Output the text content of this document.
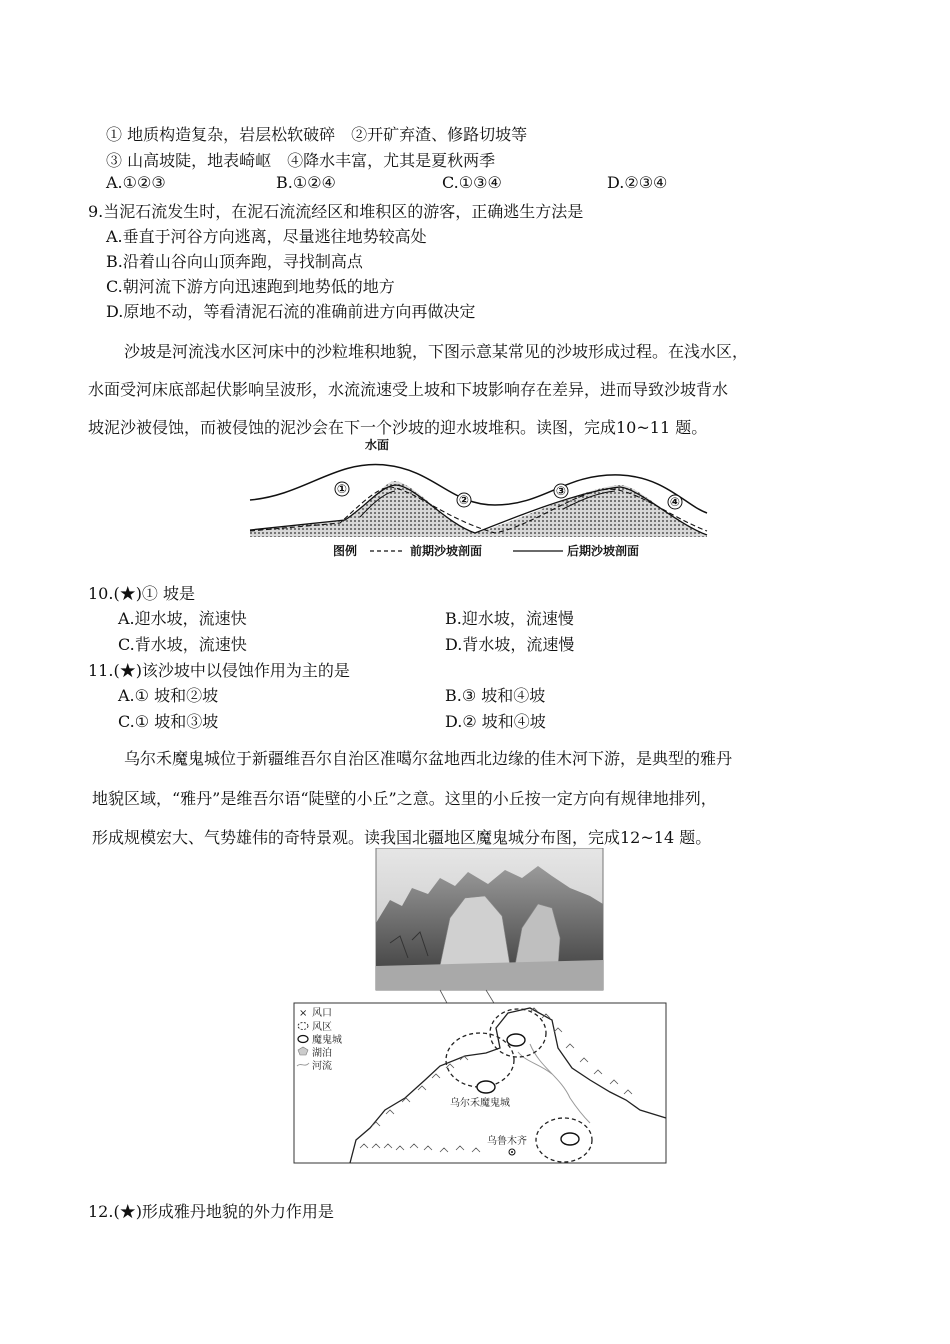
① 地质构造复杂，岩层松软破碎　②开矿弃渣、修路切坡等
③ 山高坡陡，地表崎岖　④降水丰富，尤其是夏秋两季
A.①②③	B.①②④	C.①③④	D.②③④
9.当泥石流发生时，在泥石流流经区和堆积区的游客，正确逃生方法是
A.垂直于河谷方向逃离，尽量逃往地势较高处
B.沿着山谷向山顶奔跑，寻找制高点
C.朝河流下游方向迅速跑到地势低的地方
D.原地不动，等看清泥石流的准确前进方向再做决定
沙坡是河流浅水区河床中的沙粒堆积地貌，下图示意某常见的沙坡形成过程。在浅水区，
水面受河床底部起伏影响呈波形，水流流速受上坡和下坡影响存在差异，进而导致沙坡背水
坡泥沙被侵蚀，而被侵蚀的泥沙会在下一个沙坡的迎水坡堆积。读图，完成10~11 题。
水面
①
②
③
④
图例	前期沙坡剖面	后期沙坡剖面
10.(★)① 坡是
A.迎水坡，流速快	B.迎水坡，流速慢
C.背水坡，流速快	D.背水坡，流速慢
11.(★)该沙坡中以侵蚀作用为主的是
A.① 坡和②坡	B.③ 坡和④坡
C.① 坡和③坡	D.② 坡和④坡
乌尔禾魔鬼城位于新疆维吾尔自治区准噶尔盆地西北边缘的佳木河下游，是典型的雅丹
地貌区域，“雅丹”是维吾尔语“陡壁的小丘”之意。这里的小丘按一定方向有规律地排列，
形成规模宏大、气势雄伟的奇特景观。读我国北疆地区魔鬼城分布图，完成12~14 题。
乌尔禾魔鬼城
乌鲁木齐
× 风口
风区
魔鬼城
湖泊
河流
12.(★)形成雅丹地貌的外力作用是
